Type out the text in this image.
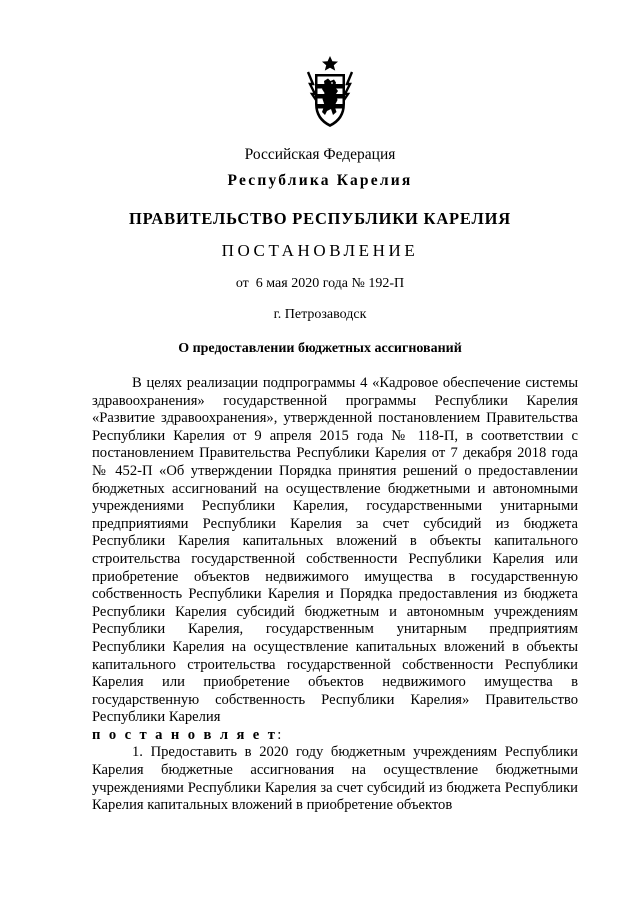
Российская Федерация
Республика Карелия
ПРАВИТЕЛЬСТВО РЕСПУБЛИКИ КАРЕЛИЯ
ПОСТАНОВЛЕНИЕ
от  6 мая 2020 года № 192-П
г. Петрозаводск
О предоставлении бюджетных ассигнований

В целях реализации подпрограммы 4 «Кадровое обеспечение системы здравоохранения» государственной программы Республики Карелия «Развитие здравоохранения», утвержденной постановлением Правительства Республики Карелия от 9 апреля 2015 года № 118-П, в соответствии с постановлением Правительства Республики Карелия от 7 декабря 2018 года № 452-П «Об утверждении Порядка принятия решений о предоставлении бюджетных ассигнований на осуществление бюджетными и автономными учреждениями Республики Карелия, государственными унитарными предприятиями Республики Карелия за счет субсидий из бюджета Республики Карелия капитальных вложений в объекты капитального строительства государственной собственности Республики Карелия или приобретение объектов недвижимого имущества в государственную собственность Республики Карелия и Порядка предоставления из бюджета Республики Карелия субсидий бюджетным и автономным учреждениям Республики Карелия, государственным унитарным предприятиям Республики Карелия на осуществление капитальных вложений в объекты капитального строительства государственной собственности Республики Карелия или приобретение объектов недвижимого имущества в государственную собственность Республики Карелия» Правительство Республики Карелия

п о с т а н о в л я е т:

1. Предоставить в 2020 году бюджетным учреждениям Республики Карелия бюджетные ассигнования на осуществление бюджетными учреждениями Республики Карелия за счет субсидий из бюджета Республики Карелия капитальных вложений в приобретение объектов
